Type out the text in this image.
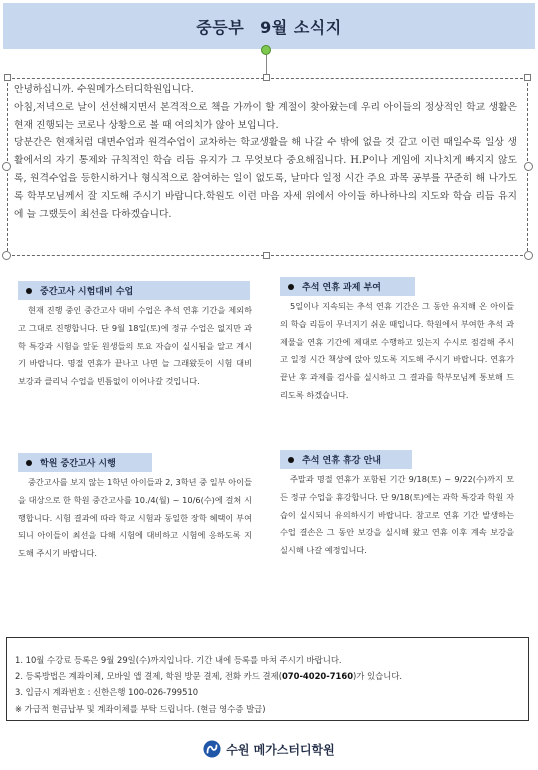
중등부 9월 소식지

안녕하십니까. 수원메가스터디학원입니다.

아침,저녁으로 날이 선선해지면서 본격적으로 책을 가까이 할 계절이 찾아왔는데 우리 아이들의 정상적인 학교 생활은 현재 진행되는 코로나 상황으로 볼 때 여의치가 않아 보입니다.

당분간은 현재처럼 대면수업과 원격수업이 교차하는 학교생활을 해 나갈 수 밖에 없을 것 같고 이런 때일수록 일상 생활에서의 자기 통제와 규칙적인 학습 리듬 유지가 그 무엇보다 중요해집니다. H.P이나 게임에 지나치게 빠지지 않도록, 원격수업을 등한시하거나 형식적으로 참여하는 일이 없도록, 날마다 일정 시간 주요 과목 공부를 꾸준히 해 나가도록 학부모님께서 잘 지도해 주시기 바랍니다.학원도 이런 마음 자세 위에서 아이들 하나하나의 지도와 학습 리듬 유지에 늘 그랬듯이 최선을 다하겠습니다.

중간고사 시험대비 수업

현재 진행 중인 중간고사 대비 수업은 추석 연휴 기간을 제외하고 그대로 진행합니다. 단 9월 18일(토)에 정규 수업은 없지만 과학 특강과 시험을 앞둔 원생들의 토요 자습이 실시됨을 알고 계시기 바랍니다. 명절 연휴가 끝나고 나면 늘 그래왔듯이 시험 대비 보강과 클리닉 수업을 빈틈없이 이어나갈 것입니다.

추석 연휴 과제 부여

5일이나 지속되는 추석 연휴 기간은 그 동안 유지해 온 아이들의 학습 리듬이 무너지기 쉬운 때입니다. 학원에서 부여한 추석 과제물을 연휴 기간에 제대로 수행하고 있는지 수시로 점검해 주시고 일정 시간 책상에 앉아 있도록 지도해 주시기 바랍니다. 연휴가 끝난 후 과제를 검사를 실시하고 그 결과를 학부모님께 통보해 드리도록 하겠습니다.

학원 중간고사 시행

중간고사를 보지 않는 1학년 아이들과 2, 3학년 중 일부 아이들을 대상으로 한 학원 중간고사를 10./4(월) ~ 10/6(수)에 걸쳐 시행합니다. 시험 결과에 따라 학교 시험과 동일한 장학 혜택이 부여되니 아이들이 최선을 다해 시험에 대비하고 시험에 응하도록 지도해 주시기 바랍니다.

추석 연휴 휴강 안내

주말과 명절 연휴가 포함된 기간 9/18(토) ~ 9/22(수)까지 모든 정규 수업을 휴강합니다. 단 9/18(토)에는 과학 특강과 학원 자습이 실시되니 유의하시기 바랍니다. 참고로 연휴 기간 발생하는 수업 결손은 그 동안 보강을 실시해 왔고 연휴 이후 계속 보강을 실시해 나갈 예정입니다.

1. 10월 수강료 등록은 9월 29일(수)까지입니다. 기간 내에 등록를 마쳐 주시기 바랍니다.

2. 등록방법은 계좌이체, 모바일 앱 결제, 학원 방문 결제, 전화 카드 결제(070-4020-7160)가 있습니다.

3. 입금시 계좌번호 : 신한은행 100-026-799510

※ 가급적 현금납부 및 계좌이체를 부탁 드립니다. (현금 영수증 발급)

수원 메가스터디학원
